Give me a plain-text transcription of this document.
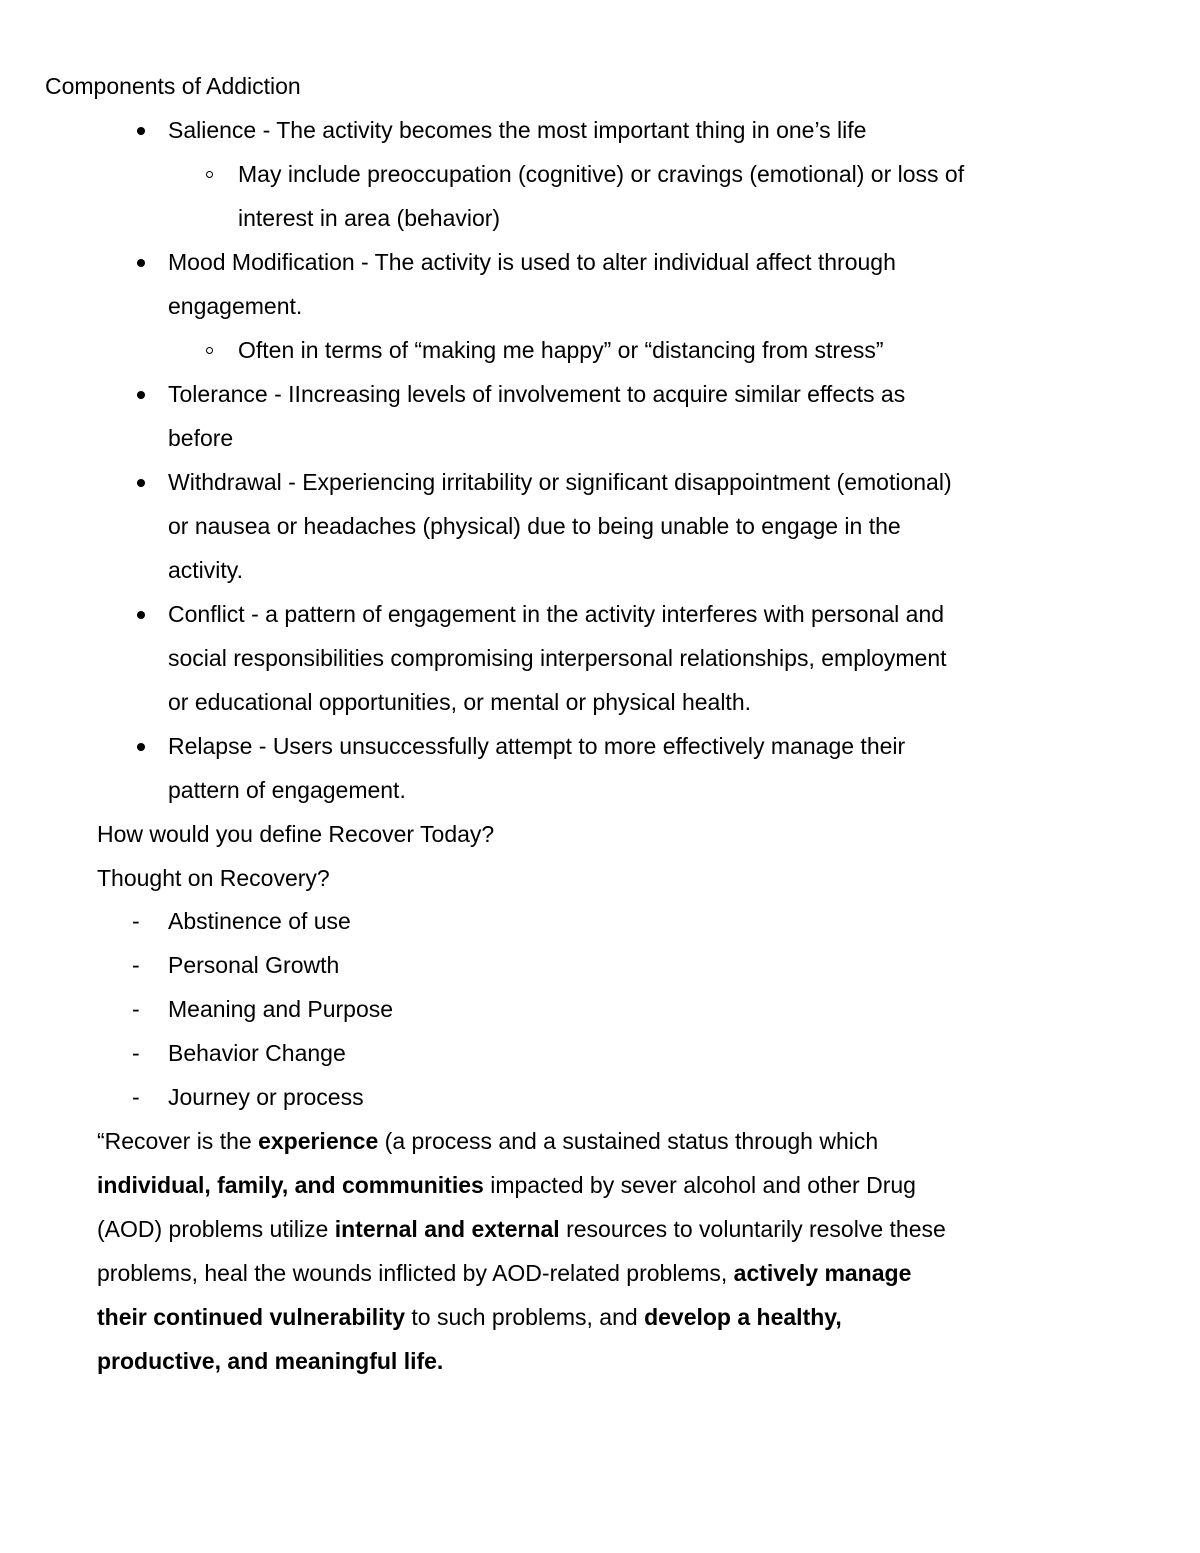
Components of Addiction
Salience - The activity becomes the most important thing in one’s life
May include preoccupation (cognitive) or cravings (emotional) or loss of
interest in area (behavior)
Mood Modification - The activity is used to alter individual affect through
engagement.
Often in terms of “making me happy” or “distancing from stress”
Tolerance - IIncreasing levels of involvement to acquire similar effects as
before
Withdrawal - Experiencing irritability or significant disappointment (emotional)
or nausea or headaches (physical) due to being unable to engage in the
activity.
Conflict - a pattern of engagement in the activity interferes with personal and
social responsibilities compromising interpersonal relationships, employment
or educational opportunities, or mental or physical health.
Relapse - Users unsuccessfully attempt to more effectively manage their
pattern of engagement.
How would you define Recover Today?
Thought on Recovery?
- Abstinence of use
- Personal Growth
- Meaning and Purpose
- Behavior Change
- Journey or process
“Recover is the experience (a process and a sustained status through which
individual, family, and communities impacted by sever alcohol and other Drug
(AOD) problems utilize internal and external resources to voluntarily resolve these
problems, heal the wounds inflicted by AOD-related problems, actively manage
their continued vulnerability to such problems, and develop a healthy,
productive, and meaningful life.
